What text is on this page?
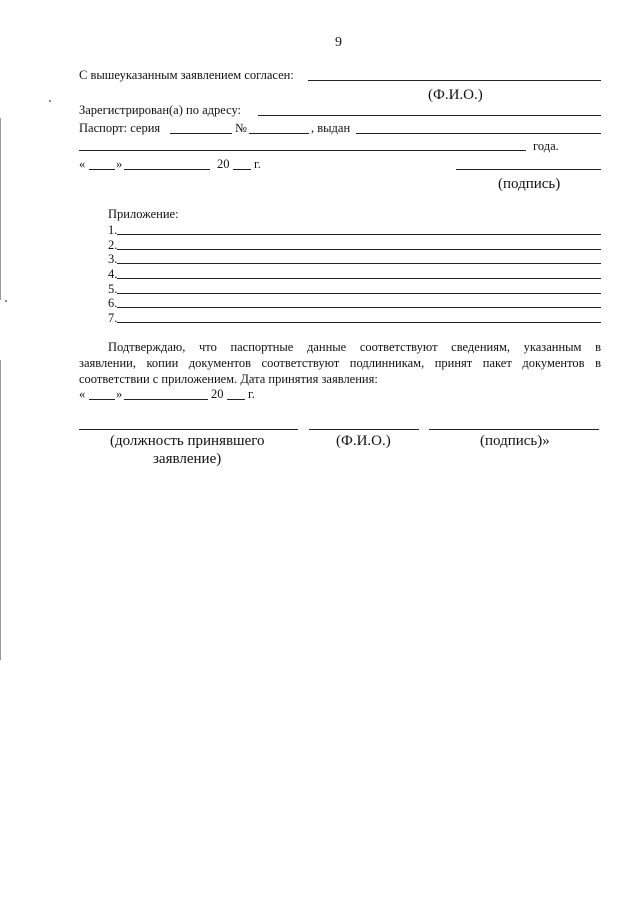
9
С вышеуказанным заявлением согласен:
(Ф.И.О.)
Зарегистрирован(а) по адресу:
Паспорт: серия	№	, выдан
года.
« »	20 г.
(подпись)
Приложение:
1.
2.
3.
4.
5.
6.
7.
Подтверждаю, что паспортные данные соответствуют сведениям, указанным в
заявлении, копии документов соответствуют подлинникам, принят пакет документов в
соответствии с приложением. Дата принятия заявления:
« »	20 г.
(должность принявшего
заявление)
(Ф.И.О.)	(подпись)»
